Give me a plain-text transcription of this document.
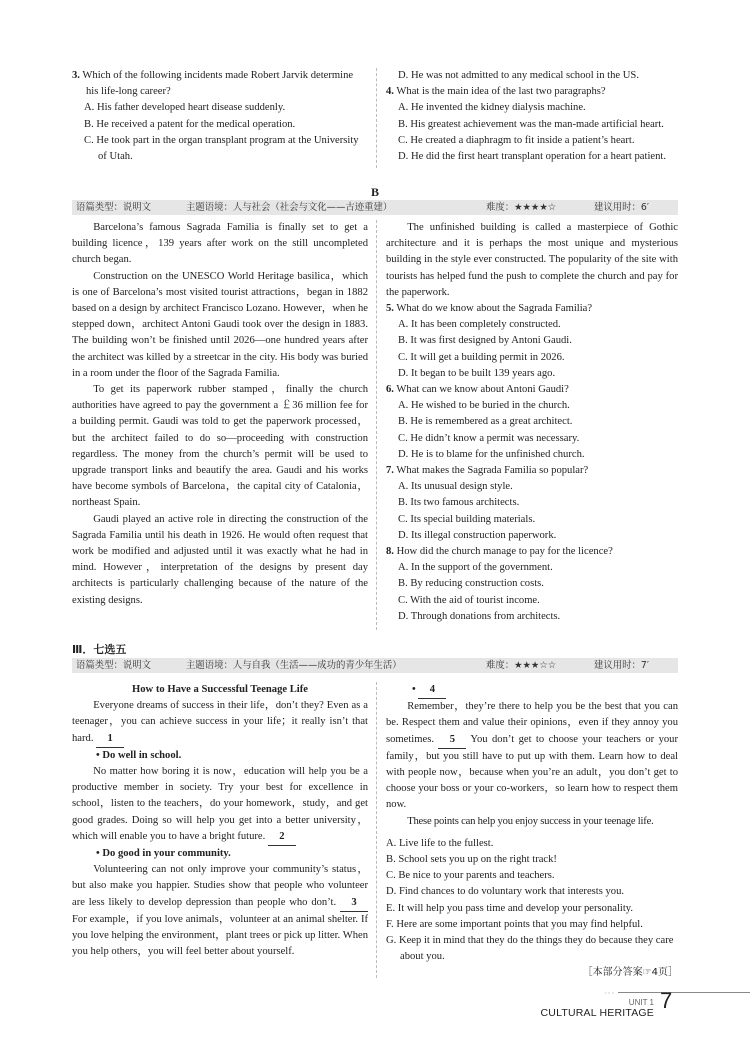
3. Which of the following incidents made Robert Jarvik determine his life-long career?
A. His father developed heart disease suddenly.
B. He received a patent for the medical operation.
C. He took part in the organ transplant program at the University of Utah.
D. He was not admitted to any medical school in the US.
4. What is the main idea of the last two paragraphs?
A. He invented the kidney dialysis machine.
B. His greatest achievement was the man-made artificial heart.
C. He created a diaphragm to fit inside a patient’s heart.
D. He did the first heart transplant operation for a heart patient.
B
语篇类型：说明文	主题语境：人与社会（社会与文化——古迹重建）	难度：★★★★☆	建议用时：6′

Barcelona’s famous Sagrada Familia is finally set to get a building licence，139 years after work on the still uncompleted church began.

Construction on the UNESCO World Heritage basilica，which is one of Barcelona’s most visited tourist attractions，began in 1882 based on a design by architect Francisco Lozano. However，when he stepped down，architect Antoni Gaudi took over the design in 1883. The building won’t be finished until 2026—one hundred years after the architect was killed by a streetcar in the city. His body was buried in a room under the floor of the Sagrada Familia.

To get its paperwork rubber stamped，finally the church authorities have agreed to pay the government a ￡36 million fee for a building permit. Gaudi was told to get the paperwork processed，but the architect failed to do so—proceeding with construction regardless. The money from the church’s permit will be used to upgrade transport links and beautify the area. Gaudi and his works have become symbols of Barcelona，the capital city of Catalonia，northeast Spain.

Gaudi played an active role in directing the construction of the Sagrada Familia until his death in 1926. He would often request that work be modified and adjusted until it was exactly what he had in mind. However，interpretation of the designs by present day architects is particularly challenging because of the nature of the existing designs.

The unfinished building is called a masterpiece of Gothic architecture and it is perhaps the most unique and mysterious building in the style ever constructed. The popularity of the site with tourists has helped fund the push to complete the church and pay for the paperwork.

5. What do we know about the Sagrada Familia?
A. It has been completely constructed.
B. It was first designed by Antoni Gaudi.
C. It will get a building permit in 2026.
D. It began to be built 139 years ago.
6. What can we know about Antoni Gaudi?
A. He wished to be buried in the church.
B. He is remembered as a great architect.
C. He didn’t know a permit was necessary.
D. He is to blame for the unfinished church.
7. What makes the Sagrada Familia so popular?
A. Its unusual design style.
B. Its two famous architects.
C. Its special building materials.
D. Its illegal construction paperwork.
8. How did the church manage to pay for the licence?
A. In the support of the government.
B. By reducing construction costs.
C. With the aid of tourist income.
D. Through donations from architects.
Ⅲ．七选五
语篇类型：说明文	主题语境：人与自我（生活——成功的青少年生活）	难度：★★★☆☆	建议用时：7′
How to Have a Successful Teenage Life

Everyone dreams of success in their life，don’t they? Even as a teenager，you can achieve success in your life；it really isn’t that hard. 1

• Do well in school.

No matter how boring it is now，education will help you be a productive member in society. Try your best for excellence in school，listen to the teachers，do your homework，study，and get good grades. Doing so will help you get into a better university，which will enable you to have a bright future. 2

• Do good in your community.

Volunteering can not only improve your community’s status，but also make you happier. Studies show that people who volunteer are less likely to develop depression than people who don’t. 3 For example，if you love animals，volunteer at an animal shelter. If you love helping the environment，plant trees or pick up litter. When you help others，you will feel better about yourself.

• 4

Remember，they’re there to help you be the best that you can be. Respect them and value their opinions，even if they annoy you sometimes. 5 You don’t get to choose your teachers or your family，but you still have to put up with them. Learn how to deal with people now，because when you’re an adult，you don’t get to choose your boss or your co-workers，so learn how to respect them now.

These points can help you enjoy success in your teenage life.

A. Live life to the fullest.
B. School sets you up on the right track!
C. Be nice to your parents and teachers.
D. Find chances to do voluntary work that interests you.
E. It will help you pass time and develop your personality.
F. Here are some important points that you may find helpful.
G. Keep it in mind that they do the things they do because they care about you.
［本部分答案☞4页］
◦◦◦
UNIT 1
CULTURAL HERITAGE 7
